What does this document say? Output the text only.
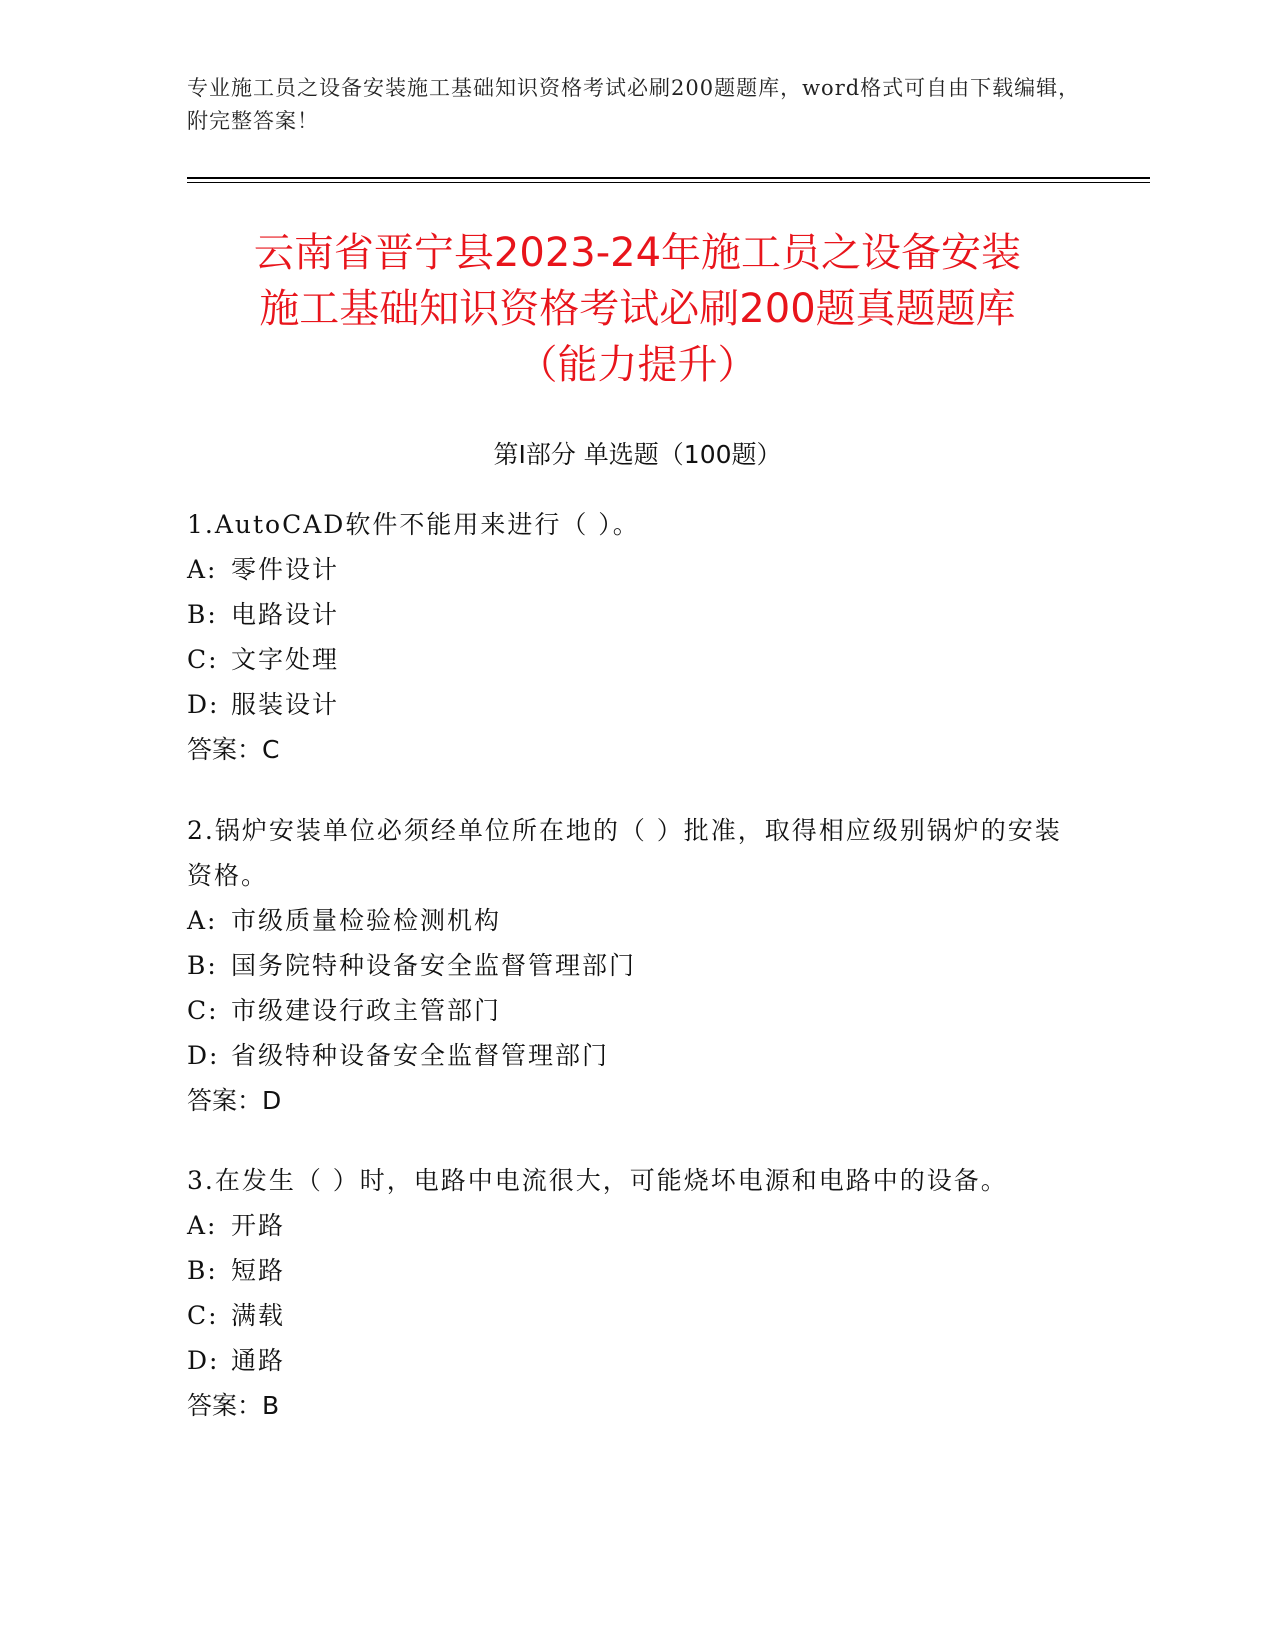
专业施工员之设备安装施工基础知识资格考试必刷200题题库，word格式可自由下载编辑，附完整答案！
云南省晋宁县2023-24年施工员之设备安装
施工基础知识资格考试必刷200题真题题库
（能力提升）
第Ⅰ部分 单选题（100题）

1.AutoCAD软件不能用来进行（ ）。

A: 零件设计

B: 电路设计

C: 文字处理

D: 服装设计

答案：C

2.锅炉安装单位必须经单位所在地的（ ）批准，取得相应级别锅炉的安装资格。

A: 市级质量检验检测机构

B: 国务院特种设备安全监督管理部门

C: 市级建设行政主管部门

D: 省级特种设备安全监督管理部门

答案：D

3.在发生（ ）时，电路中电流很大，可能烧坏电源和电路中的设备。

A: 开路

B: 短路

C: 满载

D: 通路

答案：B
